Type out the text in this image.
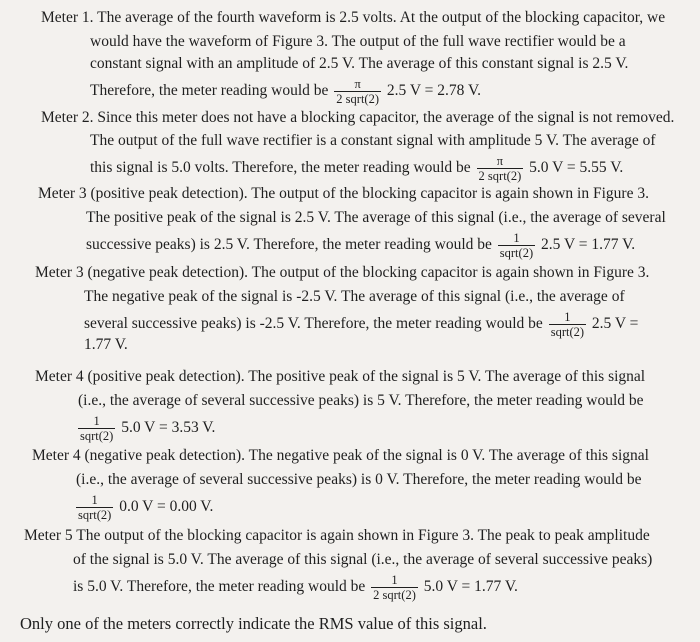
Meter 1. The average of the fourth waveform is 2.5 volts. At the output of the blocking capacitor, we
would have the waveform of Figure 3. The output of the full wave rectifier would be a
constant signal with an amplitude of 2.5 V. The average of this constant signal is 2.5 V.
Therefore, the meter reading would be $\frac{\pi}{\text{2 sqrt(2)}} 2.5$ V = 2.78 V.
Meter 2. Since this meter does not have a blocking capacitor, the average of the signal is not removed.
The output of the full wave rectifier is a constant signal with amplitude 5 V. The average of
this signal is 5.0 volts. Therefore, the meter reading would be $\frac{\pi}{\text{2 sqrt(2)}} 5.0$ V = 5.55 V.
Meter 3 (positive peak detection). The output of the blocking capacitor is again shown in Figure 3.
The positive peak of the signal is 2.5 V. The average of this signal (i.e., the average of several
successive peaks) is 2.5 V. Therefore, the meter reading would be $\frac{1}{\text{sqrt(2)}} 2.5$ V = 1.77 V.
Meter 3 (negative peak detection). The output of the blocking capacitor is again shown in Figure 3.
The negative peak of the signal is -2.5 V. The average of this signal (i.e., the average of
several successive peaks) is -2.5 V. Therefore, the meter reading would be $\frac{1}{\text{sqrt(2)}} 2.5$ V =
1.77 V.
Meter 4 (positive peak detection). The positive peak of the signal is 5 V. The average of this signal
(i.e., the average of several successive peaks) is 5 V. Therefore, the meter reading would be
$\frac{1}{\text{sqrt(2)}} 5.0$ V = 3.53 V.
Meter 4 (negative peak detection). The negative peak of the signal is 0 V. The average of this signal
(i.e., the average of several successive peaks) is 0 V. Therefore, the meter reading would be
$\frac{1}{\text{sqrt(2)}} 0.0$ V = 0.00 V.
Meter 5 The output of the blocking capacitor is again shown in Figure 3. The peak to peak amplitude
of the signal is 5.0 V. The average of this signal (i.e., the average of several successive peaks)
is 5.0 V. Therefore, the meter reading would be $\frac{1}{\text{2 sqrt(2)}} 5.0$ V = 1.77 V.
Only one of the meters correctly indicate the RMS value of this signal.
